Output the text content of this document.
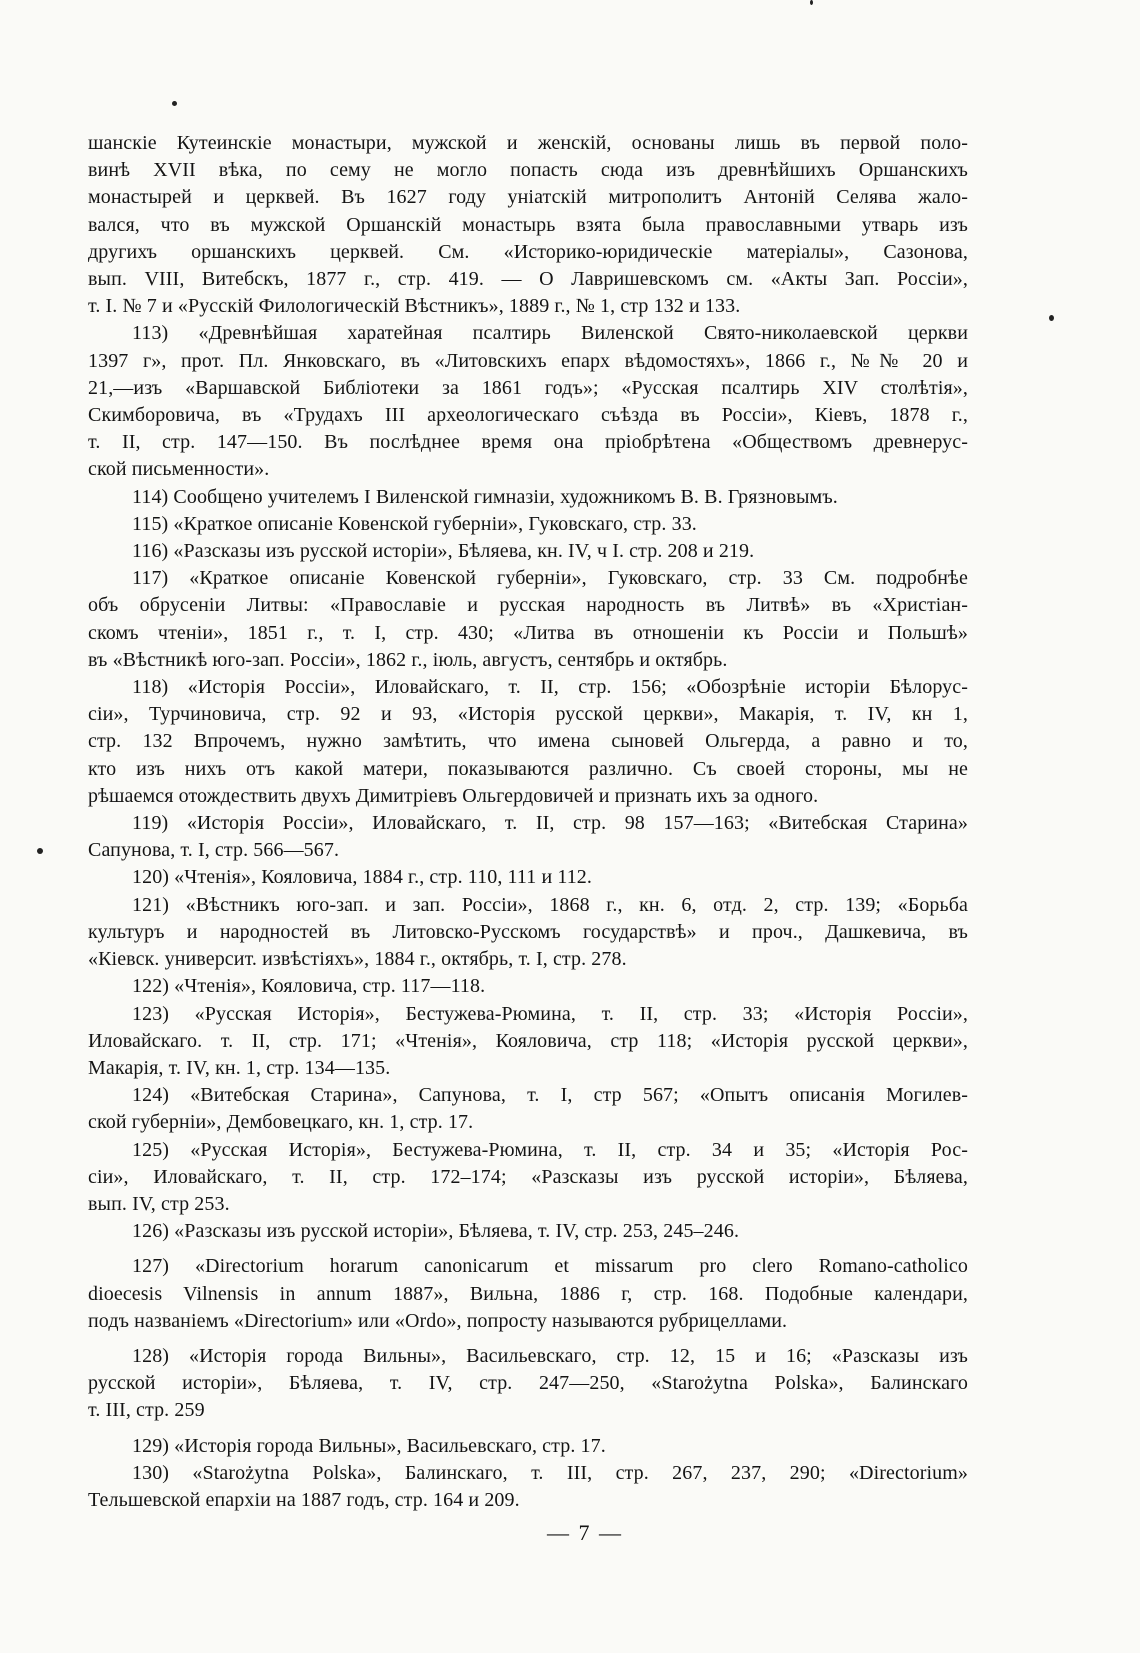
шанскіе Кутеинскіе монастыри, мужской и женскій, основаны лишь въ первой поло-
винѣ XVII вѣка, по сему не могло попасть сюда изъ древнѣйшихъ Оршанскихъ
монастырей и церквей. Въ 1627 году уніатскій митрополитъ Антоній Селява жало-
вался, что въ мужской Оршанскій монастырь взята была православными утварь изъ
другихъ оршанскихъ церквей. См. «Историко-юридическіе матеріалы», Сазонова,
вып. VIII, Витебскъ, 1877 г., стр. 419. — О Лавришевскомъ см. «Акты Зап. Россіи»,
т. I. № 7 и «Русскій Филологическій Вѣстникъ», 1889 г., № 1, стр 132 и 133.
113) «Древнѣйшая харатейная псалтирь Виленской Свято-николаевской церкви
1397 г», прот. Пл. Янковскаго, въ «Литовскихъ епарх вѣдомостяхъ», 1866 г., №№ 20 и
21,—изъ «Варшавской Библіотеки за 1861 годъ»; «Русская псалтирь XIV столѣтія»,
Скимборовича, въ «Трудахъ III археологическаго съѣзда въ Россіи», Кіевъ, 1878 г.,
т. II, стр. 147—150. Въ послѣднее время она пріобрѣтена «Обществомъ древнерус-
ской письменности».
114) Сообщено учителемъ I Виленской гимназіи, художникомъ В. В. Грязновымъ.
115) «Краткое описаніе Ковенской губерніи», Гуковскаго, стр. 33.
116) «Разсказы изъ русской исторіи», Бѣляева, кн. IV, ч I. стр. 208 и 219.
117) «Краткое описаніе Ковенской губерніи», Гуковскаго, стр. 33 См. подробнѣе
объ обрусеніи Литвы: «Православіе и русская народность въ Литвѣ» въ «Христіан-
скомъ чтеніи», 1851 г., т. I, стр. 430; «Литва въ отношеніи къ Россіи и Польшѣ»
въ «Вѣстникѣ юго-зап. Россіи», 1862 г., іюль, августъ, сентябрь и октябрь.
118) «Исторія Россіи», Иловайскаго, т. II, стр. 156; «Обозрѣніе исторіи Бѣлорус-
сіи», Турчиновича, стр. 92 и 93, «Исторія русской церкви», Макарія, т. IV, кн 1,
стр. 132 Впрочемъ, нужно замѣтить, что имена сыновей Ольгерда, а равно и то,
кто изъ нихъ отъ какой матери, показываются различно. Съ своей стороны, мы не
рѣшаемся отождествить двухъ Димитріевъ Ольгердовичей и признать ихъ за одного.
119) «Исторія Россіи», Иловайскаго, т. II, стр. 98 157—163; «Витебская Старина»
Сапунова, т. I, стр. 566—567.
120) «Чтенія», Кояловича, 1884 г., стр. 110, 111 и 112.
121) «Вѣстникъ юго-зап. и зап. Россіи», 1868 г., кн. 6, отд. 2, стр. 139; «Борьба
культуръ и народностей въ Литовско-Русскомъ государствѣ» и проч., Дашкевича, въ
«Кіевск. университ. извѣстіяхъ», 1884 г., октябрь, т. I, стр. 278.
122) «Чтенія», Кояловича, стр. 117—118.
123) «Русская Исторія», Бестужева-Рюмина, т. II, стр. 33; «Исторія Россіи»,
Иловайскаго. т. II, стр. 171; «Чтенія», Кояловича, стр 118; «Исторія русской церкви»,
Макарія, т. IV, кн. 1, стр. 134—135.
124) «Витебская Старина», Сапунова, т. I, стр 567; «Опытъ описанія Могилев-
ской губерніи», Дембовецкаго, кн. 1, стр. 17.
125) «Русская Исторія», Бестужева-Рюмина, т. II, стр. 34 и 35; «Исторія Рос-
сіи», Иловайскаго, т. II, стр. 172–174; «Разсказы изъ русской исторіи», Бѣляева,
вып. IV, стр 253.
126) «Разсказы изъ русской исторіи», Бѣляева, т. IV, стр. 253, 245–246.
127) «Directorium horarum canonicarum et missarum pro clero Romano-catholico
dioecesis Vilnensis in annum 1887», Вильна, 1886 г, стр. 168. Подобные календари,
подъ названіемъ «Directorium» или «Ordo», попросту называются рубрицеллами.
128) «Исторія города Вильны», Васильевскаго, стр. 12, 15 и 16; «Разсказы изъ
русской исторіи», Бѣляева, т. IV, стр. 247—250, «Starożytna Polska», Балинскаго
т. III, стр. 259
129) «Исторія города Вильны», Васильевскаго, стр. 17.
130) «Starożytna Polska», Балинскаго, т. III, стр. 267, 237, 290; «Directorium»
Тельшевской епархіи на 1887 годъ, стр. 164 и 209.
— 7 —
